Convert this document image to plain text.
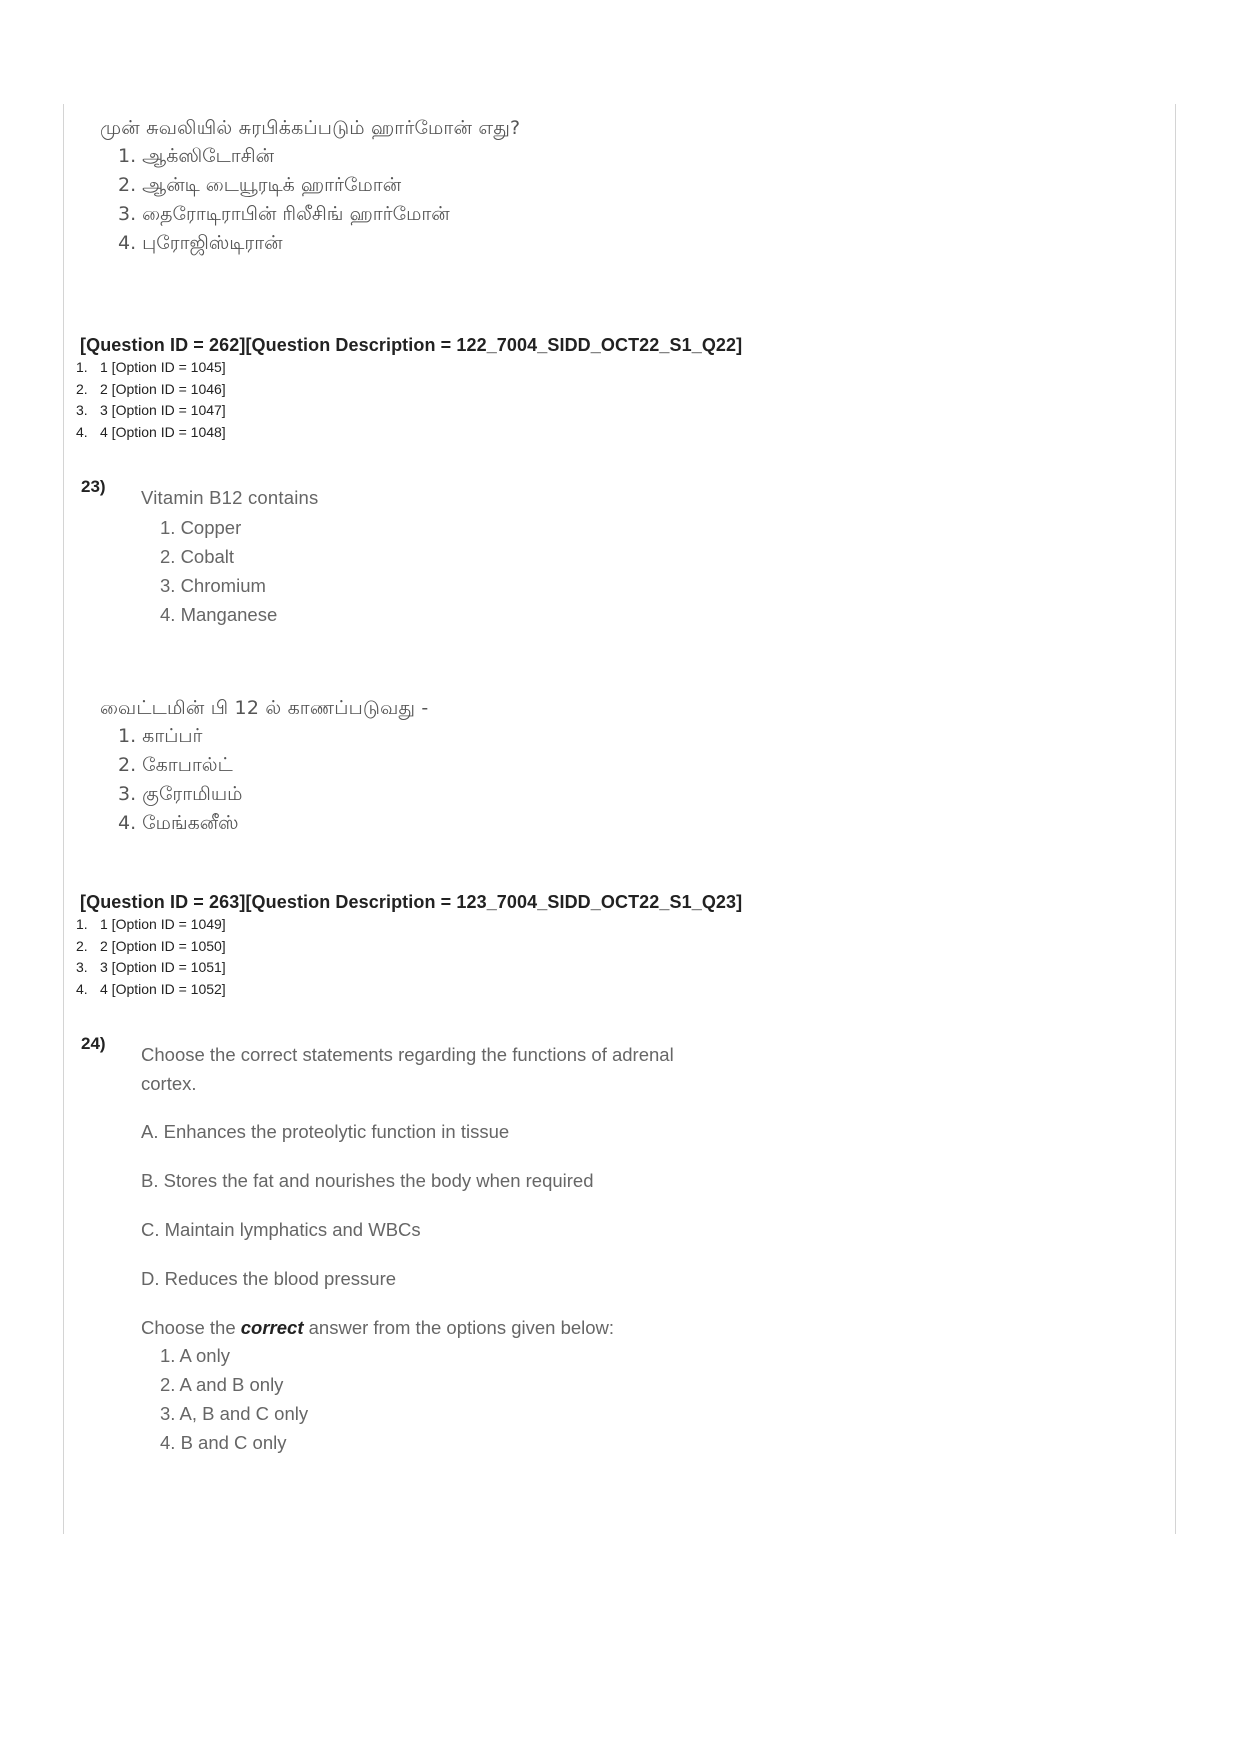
முன் சுவலியில் சுரபிக்கப்படும் ஹார்மோன் எது?
1. ஆக்ஸிடோசின்
2. ஆன்டி டையூரடிக் ஹார்மோன்
3. தைரோடிராபின் ரிலீசிங் ஹார்மோன்
4. புரோஜிஸ்டிரான்
[Question ID = 262][Question Description = 122_7004_SIDD_OCT22_S1_Q22]
1. 1 [Option ID = 1045]
2. 2 [Option ID = 1046]
3. 3 [Option ID = 1047]
4. 4 [Option ID = 1048]
23)
Vitamin B12 contains
1. Copper
2. Cobalt
3. Chromium
4. Manganese
வைட்டமின் பி 12 ல் காணப்படுவது -
1. காப்பர்
2. கோபால்ட்
3. குரோமியம்
4. மேங்கனீஸ்
[Question ID = 263][Question Description = 123_7004_SIDD_OCT22_S1_Q23]
1. 1 [Option ID = 1049]
2. 2 [Option ID = 1050]
3. 3 [Option ID = 1051]
4. 4 [Option ID = 1052]
24)
Choose the correct statements regarding the functions of adrenal
cortex.
A. Enhances the proteolytic function in tissue
B. Stores the fat and nourishes the body when required
C. Maintain lymphatics and WBCs
D. Reduces the blood pressure
Choose the correct answer from the options given below:
1. A only
2. A and B only
3. A, B and C only
4. B and C only
